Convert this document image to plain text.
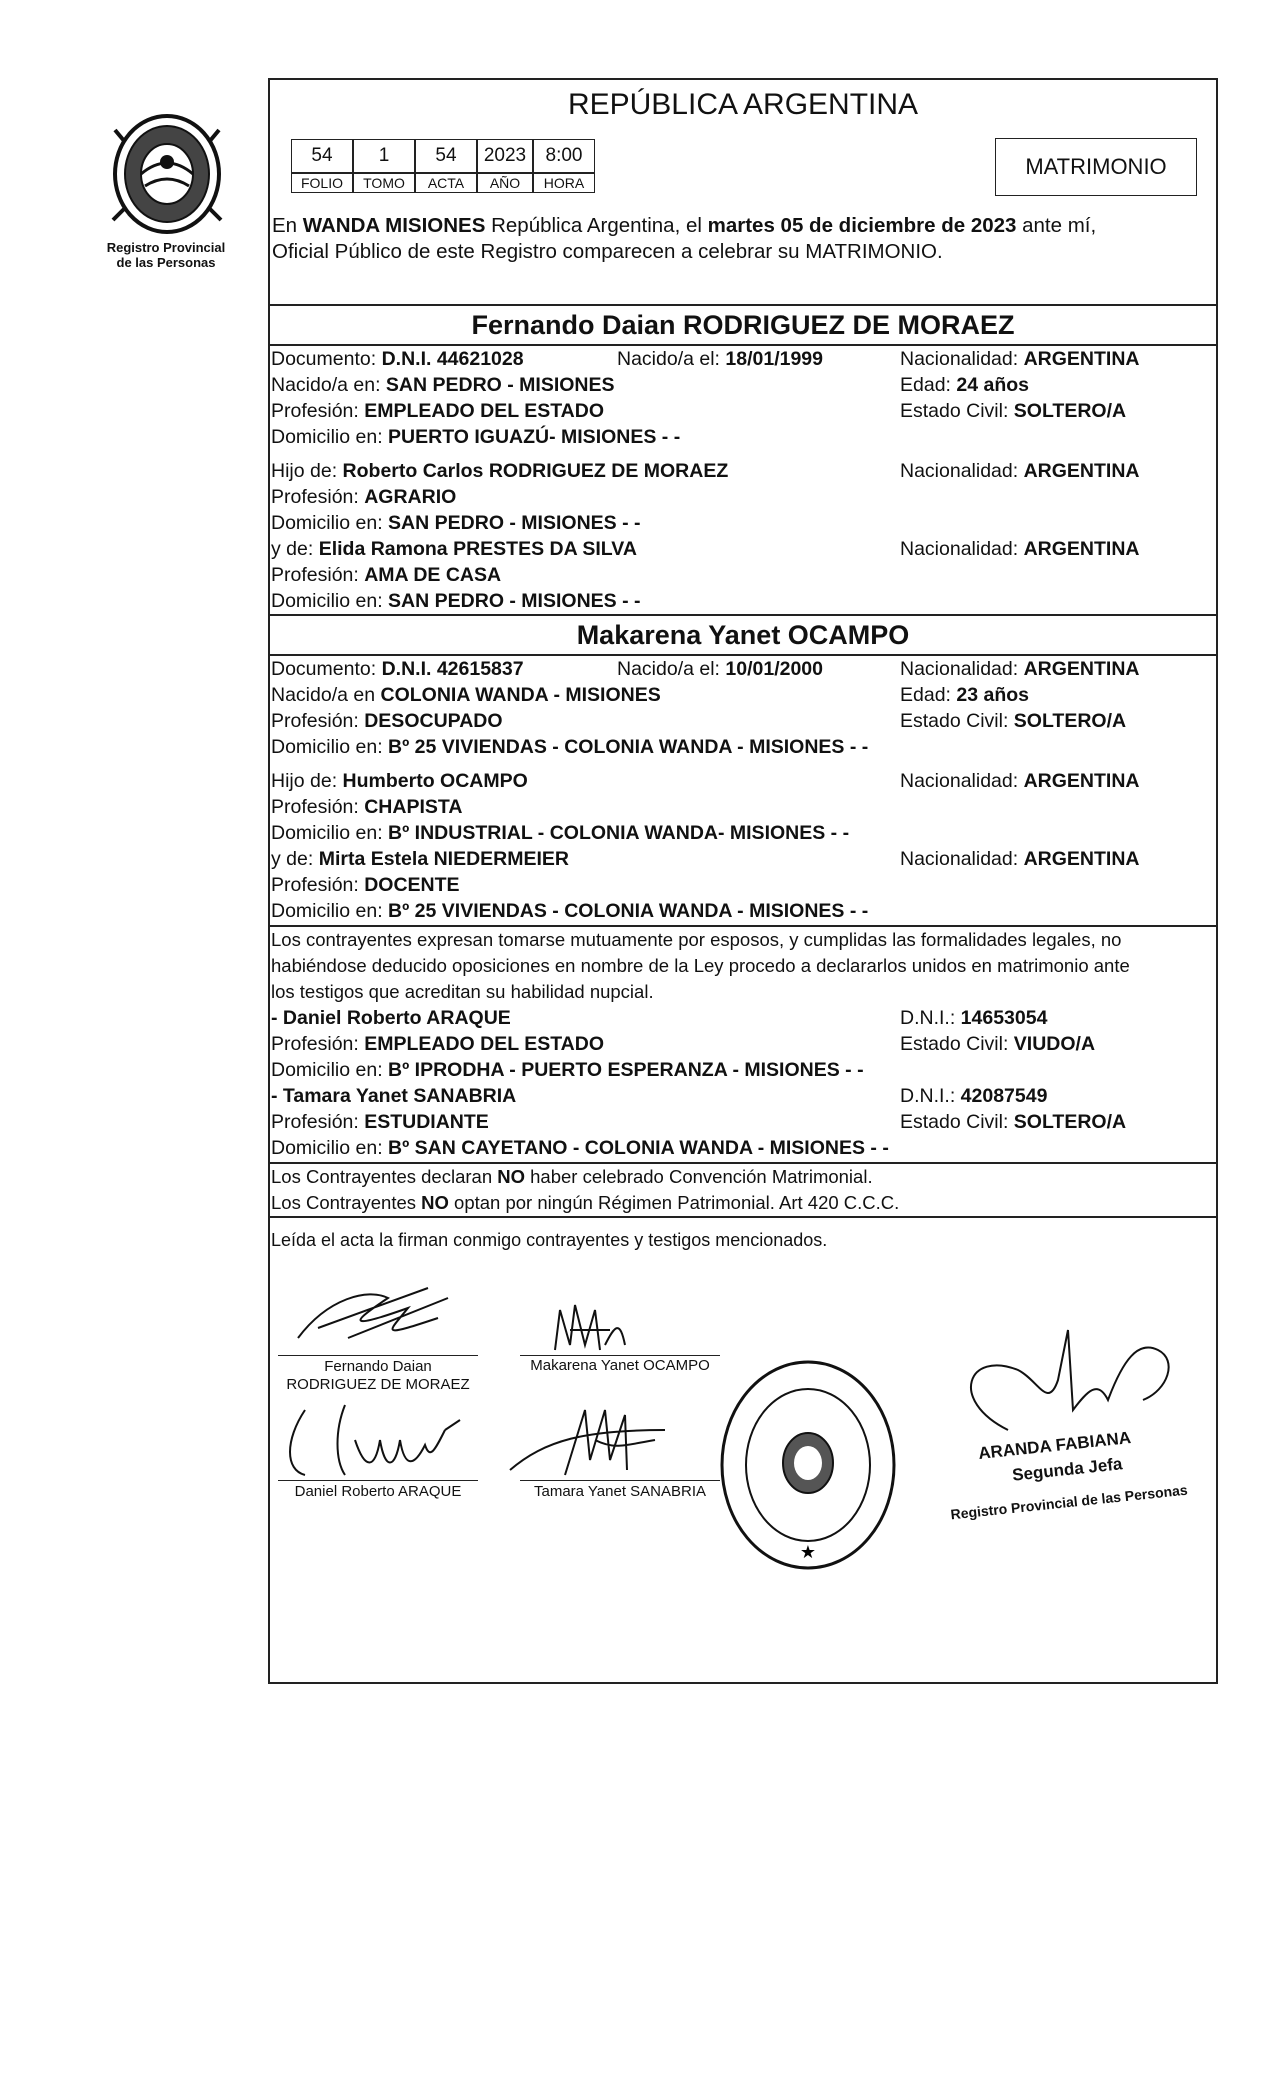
Registro Provincial
de las Personas
REPÚBLICA ARGENTINA
54	1	54	2023	8:00
FOLIO	TOMO	ACTA	AÑO	HORA
MATRIMONIO
En WANDA MISIONES República Argentina, el martes 05 de diciembre de 2023 ante mí,
Oficial Público de este Registro comparecen a celebrar su MATRIMONIO.
Fernando Daian RODRIGUEZ DE MORAEZ
Documento: D.N.I. 44621028	Nacido/a el: 18/01/1999	Nacionalidad: ARGENTINA
Nacido/a en: SAN PEDRO - MISIONES	Edad: 24 años
Profesión: EMPLEADO DEL ESTADO	Estado Civil: SOLTERO/A
Domicilio en: PUERTO IGUAZÚ- MISIONES - -
Hijo de: Roberto Carlos RODRIGUEZ DE MORAEZ	Nacionalidad: ARGENTINA
Profesión: AGRARIO
Domicilio en: SAN PEDRO - MISIONES - -
y de: Elida Ramona PRESTES DA SILVA	Nacionalidad: ARGENTINA
Profesión: AMA DE CASA
Domicilio en: SAN PEDRO - MISIONES - -
Makarena Yanet OCAMPO
Documento: D.N.I. 42615837	Nacido/a el: 10/01/2000	Nacionalidad: ARGENTINA
Nacido/a en COLONIA WANDA - MISIONES	Edad: 23 años
Profesión: DESOCUPADO	Estado Civil: SOLTERO/A
Domicilio en: Bº 25 VIVIENDAS - COLONIA WANDA - MISIONES - -
Hijo de: Humberto OCAMPO	Nacionalidad: ARGENTINA
Profesión: CHAPISTA
Domicilio en: Bº INDUSTRIAL - COLONIA WANDA- MISIONES - -
y de: Mirta Estela NIEDERMEIER	Nacionalidad: ARGENTINA
Profesión: DOCENTE
Domicilio en: Bº 25 VIVIENDAS - COLONIA WANDA - MISIONES - -
Los contrayentes expresan tomarse mutuamente por esposos, y cumplidas las formalidades legales, no
habiéndose deducido oposiciones en nombre de la Ley procedo a declararlos unidos en matrimonio ante
los testigos que acreditan su habilidad nupcial.
- Daniel Roberto ARAQUE	D.N.I.: 14653054
Profesión: EMPLEADO DEL ESTADO	Estado Civil: VIUDO/A
Domicilio en: Bº IPRODHA - PUERTO ESPERANZA - MISIONES - -
- Tamara Yanet SANABRIA	D.N.I.: 42087549
Profesión: ESTUDIANTE	Estado Civil: SOLTERO/A
Domicilio en: Bº SAN CAYETANO - COLONIA WANDA - MISIONES - -
Los Contrayentes declaran NO haber celebrado Convención Matrimonial.
Los Contrayentes NO optan por ningún Régimen Patrimonial. Art 420 C.C.C.
Leída el acta la firman conmigo contrayentes y testigos mencionados.
Fernando Daian
RODRIGUEZ DE MORAEZ
Makarena Yanet OCAMPO
Daniel Roberto ARAQUE	Tamara Yanet SANABRIA
★
ARANDA FABIANA
Segunda Jefa
Registro Provincial de las Personas
